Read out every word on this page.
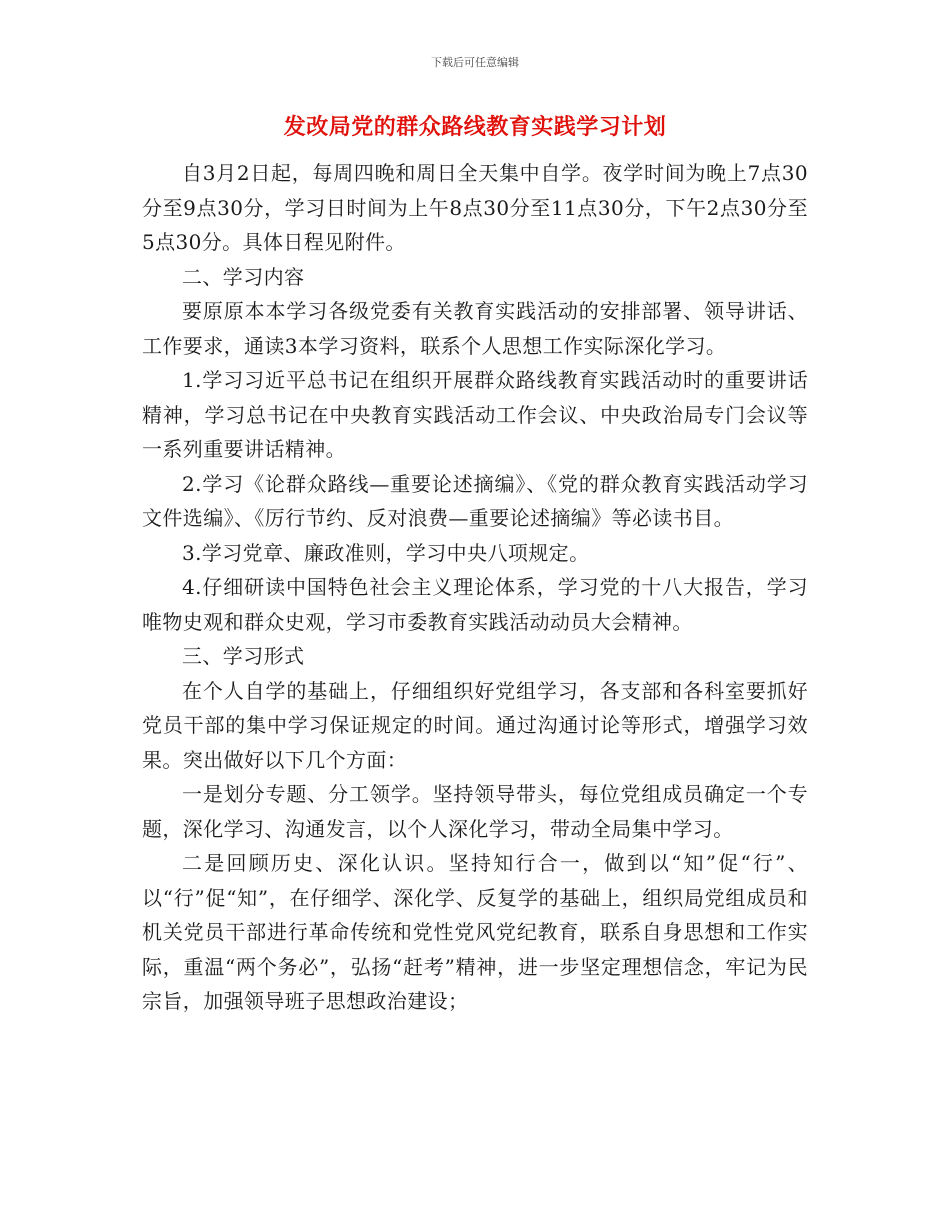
下载后可任意编辑
发改局党的群众路线教育实践学习计划

自3月2日起，每周四晚和周日全天集中自学。夜学时间为晚上7点30分至9点30分，学习日时间为上午8点30分至11点30分，下午2点30分至5点30分。具体日程见附件。

二、学习内容

要原原本本学习各级党委有关教育实践活动的安排部署、领导讲话、工作要求，通读3本学习资料，联系个人思想工作实际深化学习。

1.学习习近平总书记在组织开展群众路线教育实践活动时的重要讲话精神，学习总书记在中央教育实践活动工作会议、中央政治局专门会议等一系列重要讲话精神。

2.学习《论群众路线—重要论述摘编》、《党的群众教育实践活动学习文件选编》、《厉行节约、反对浪费—重要论述摘编》等必读书目。

3.学习党章、廉政准则，学习中央八项规定。

4.仔细研读中国特色社会主义理论体系，学习党的十八大报告，学习唯物史观和群众史观，学习市委教育实践活动动员大会精神。

三、学习形式

在个人自学的基础上，仔细组织好党组学习，各支部和各科室要抓好党员干部的集中学习保证规定的时间。通过沟通讨论等形式，增强学习效果。突出做好以下几个方面：

一是划分专题、分工领学。坚持领导带头，每位党组成员确定一个专题，深化学习、沟通发言，以个人深化学习，带动全局集中学习。

二是回顾历史、深化认识。坚持知行合一，做到以“知”促“行”、以“行”促“知”，在仔细学、深化学、反复学的基础上，组织局党组成员和机关党员干部进行革命传统和党性党风党纪教育，联系自身思想和工作实际，重温“两个务必”，弘扬“赶考”精神，进一步坚定理想信念，牢记为民宗旨，加强领导班子思想政治建设；
